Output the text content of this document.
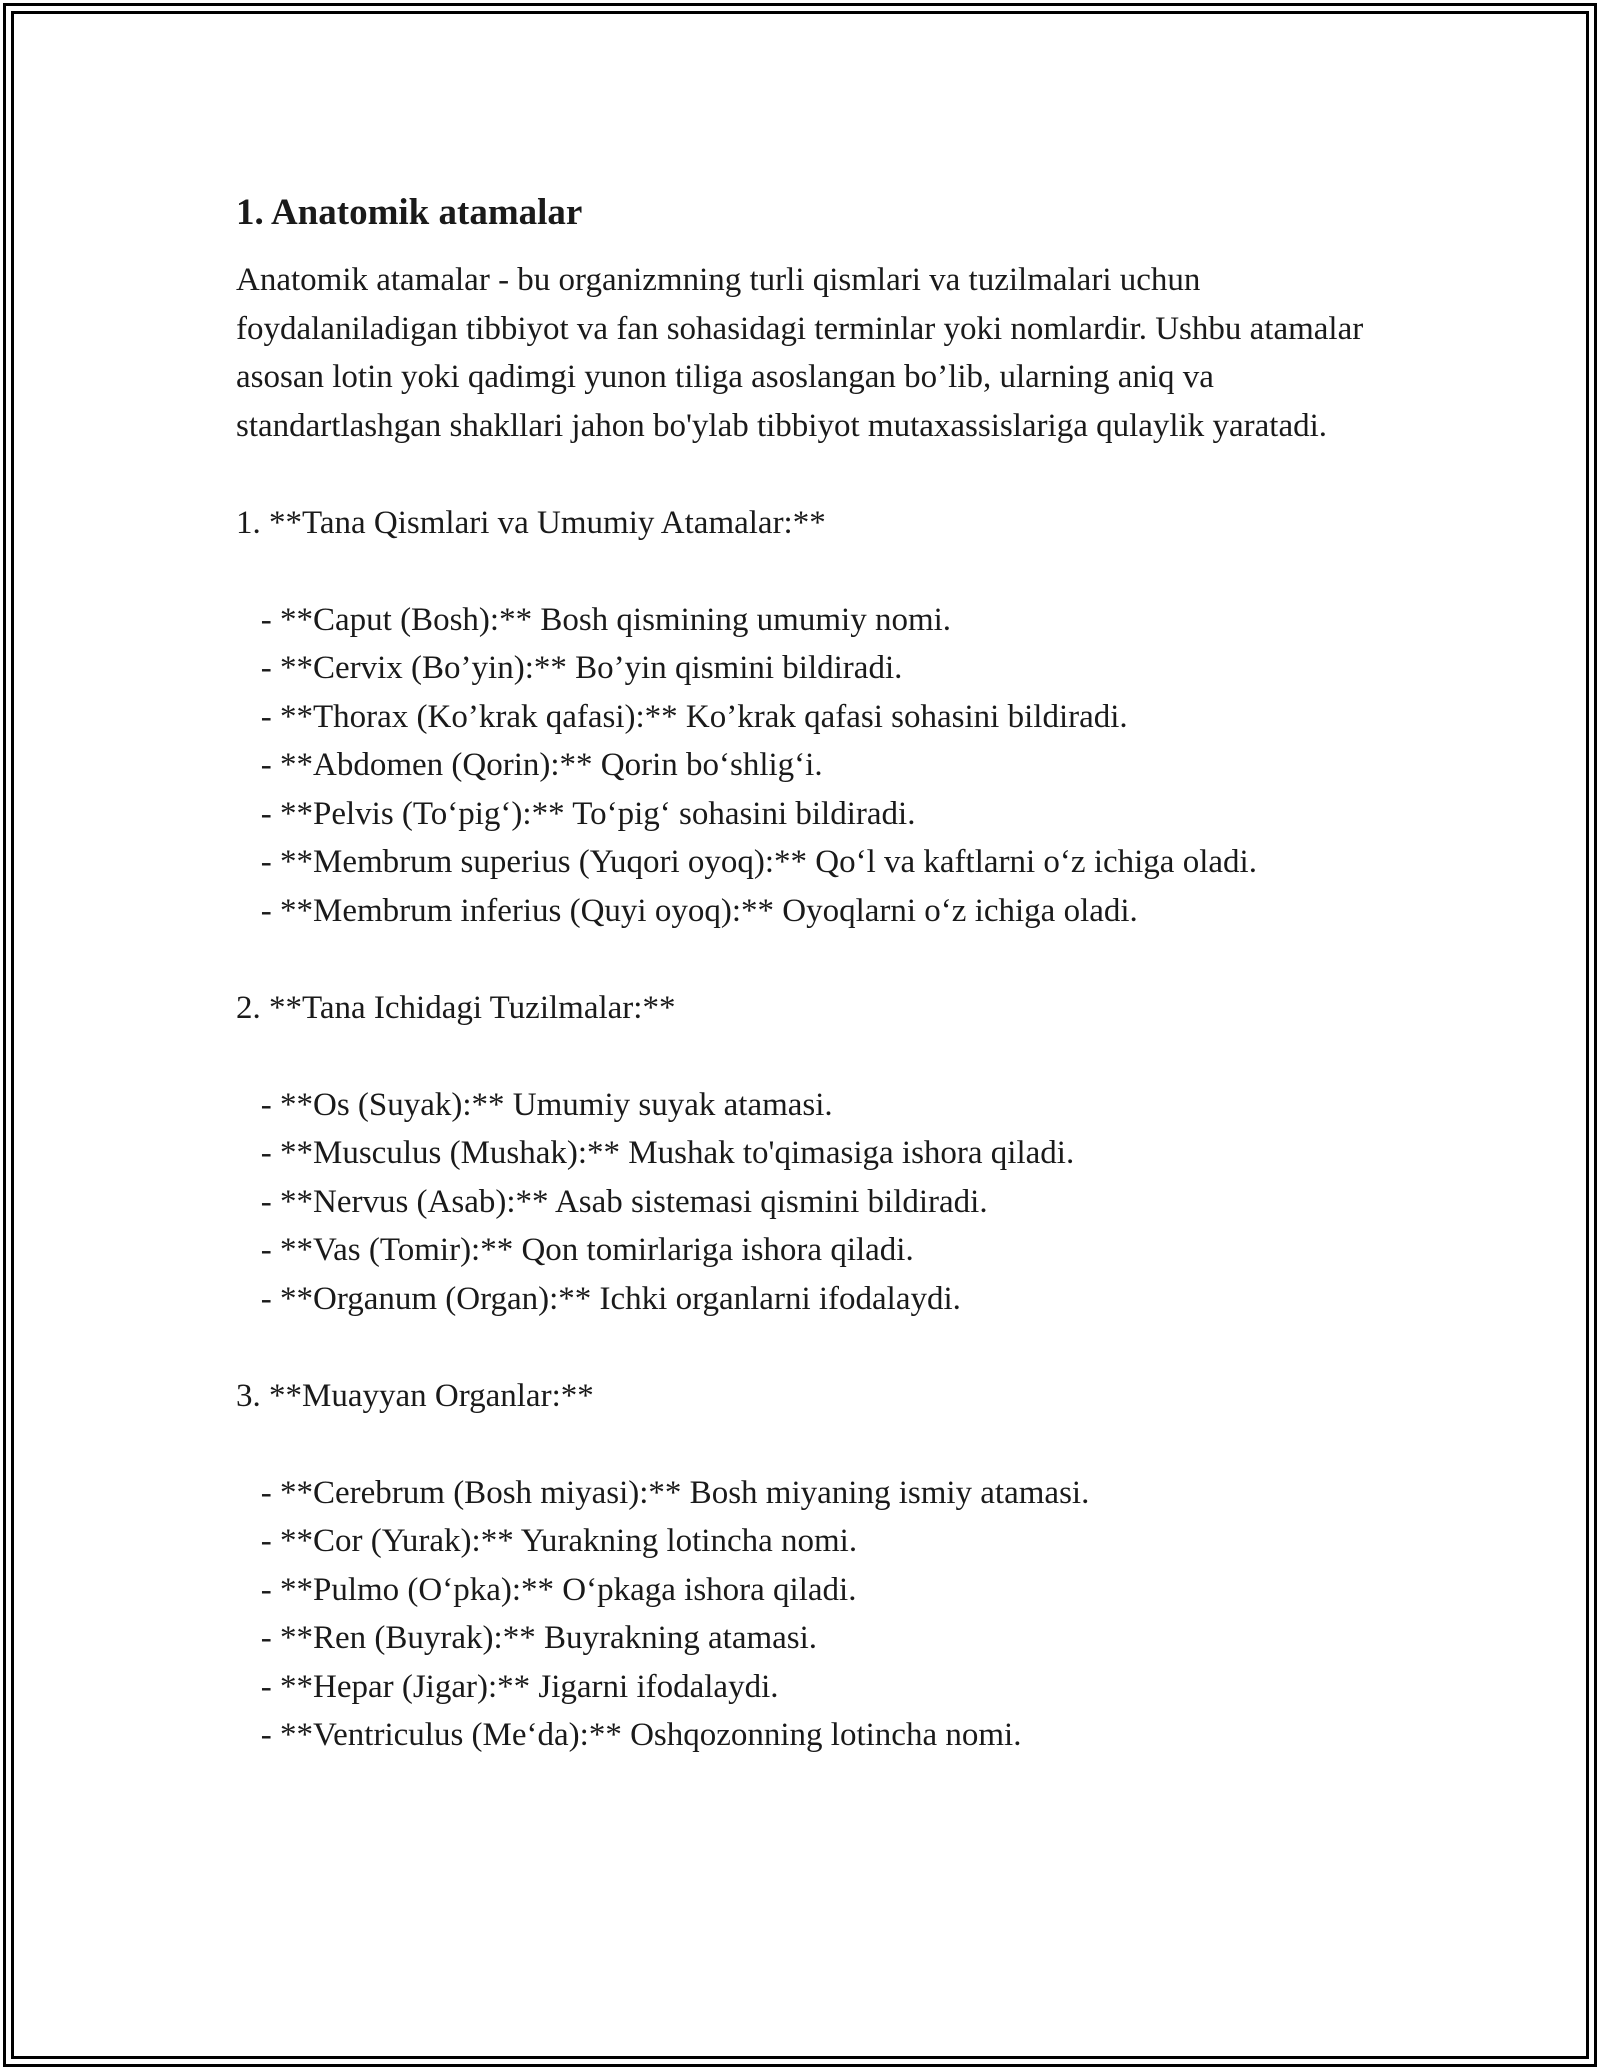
1. Anatomik atamalar

Anatomik atamalar - bu organizmning turli qismlari va tuzilmalari uchun foydalaniladigan tibbiyot va fan sohasidagi terminlar yoki nomlardir. Ushbu atamalar asosan lotin yoki qadimgi yunon tiliga asoslangan bo’lib, ularning aniq va standartlashgan shakllari jahon bo'ylab tibbiyot mutaxassislariga qulaylik yaratadi.

1. **Tana Qismlari va Umumiy Atamalar:**

- **Caput (Bosh):** Bosh qismining umumiy nomi.

- **Cervix (Bo’yin):** Bo’yin qismini bildiradi.

- **Thorax (Ko’krak qafasi):** Ko’krak qafasi sohasini bildiradi.

- **Abdomen (Qorin):** Qorin bo‘shlig‘i.

- **Pelvis (To‘pig‘):** To‘pig‘ sohasini bildiradi.

- **Membrum superius (Yuqori oyoq):** Qo‘l va kaftlarni o‘z ichiga oladi.

- **Membrum inferius (Quyi oyoq):** Oyoqlarni o‘z ichiga oladi.

2. **Tana Ichidagi Tuzilmalar:**

- **Os (Suyak):** Umumiy suyak atamasi.

- **Musculus (Mushak):** Mushak to'qimasiga ishora qiladi.

- **Nervus (Asab):** Asab sistemasi qismini bildiradi.

- **Vas (Tomir):** Qon tomirlariga ishora qiladi.

- **Organum (Organ):** Ichki organlarni ifodalaydi.

3. **Muayyan Organlar:**

- **Cerebrum (Bosh miyasi):** Bosh miyaning ismiy atamasi.

- **Cor (Yurak):** Yurakning lotincha nomi.

- **Pulmo (O‘pka):** O‘pkaga ishora qiladi.

- **Ren (Buyrak):** Buyrakning atamasi.

- **Hepar (Jigar):** Jigarni ifodalaydi.

- **Ventriculus (Me‘da):** Oshqozonning lotincha nomi.
